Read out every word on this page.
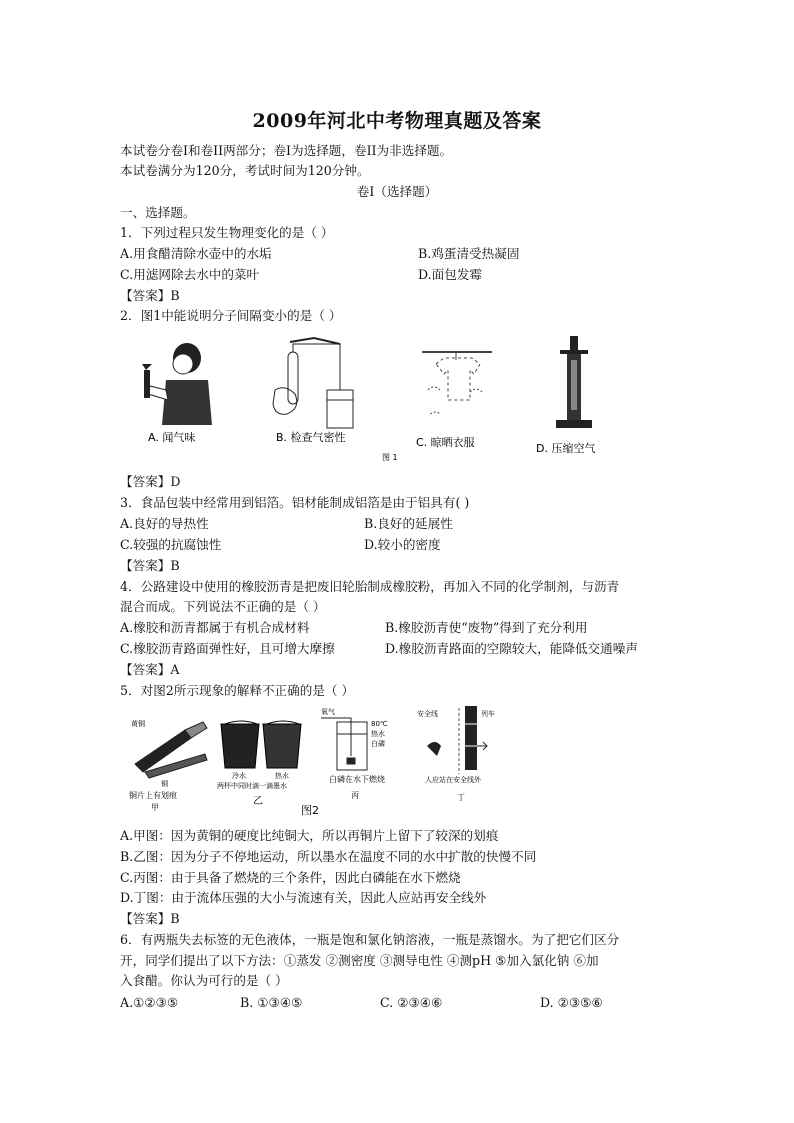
2009年河北中考物理真题及答案
本试卷分卷Ⅰ和卷II两部分；卷Ⅰ为选择题，卷II为非选择题。
本试卷满分为120分，考试时间为120分钟。
卷Ⅰ（选择题）
一、选择题。
1．下列过程只发生物理变化的是（ ）
A.用食醋清除水壶中的水垢	B.鸡蛋清受热凝固
C.用滤网除去水中的菜叶	D.面包发霉
【答案】B
2．图1中能说明分子间隔变小的是（ ）
A. 闻气味	B. 检查气密性	C. 晾晒衣服	D. 压缩空气
图 1
【答案】D
3．食品包装中经常用到铝箔。铝材能制成铝箔是由于铝具有( )
A.良好的导热性	B.良好的延展性
C.较强的抗腐蚀性	D.较小的密度
【答案】B
4．公路建设中使用的橡胶沥青是把废旧轮胎制成橡胶粉，再加入不同的化学制剂，与沥青
混合而成。下列说法不正确的是（ ）
A.橡胶和沥青都属于有机合成材料	B.橡胶沥青使“废物”得到了充分利用
C.橡胶沥青路面弹性好，且可增大摩擦	D.橡胶沥青路面的空隙较大，能降低交通噪声
【答案】A
5．对图2所示现象的解释不正确的是（ ）
黄铜
铜
铜片上有划痕
甲
冷水	热水
两杯中同时滴一滴墨水
乙
氧气
80℃
热水
白磷
白磷在水下燃烧
丙
安全线	列车
人应站在安全线外
丁
图2
A.甲图：因为黄铜的硬度比纯铜大，所以再铜片上留下了较深的划痕
B.乙图：因为分子不停地运动，所以墨水在温度不同的水中扩散的快慢不同
C.丙图：由于具备了燃烧的三个条件，因此白磷能在水下燃烧
D.丁图：由于流体压强的大小与流速有关，因此人应站再安全线外
【答案】B
6．有两瓶失去标签的无色液体，一瓶是饱和氯化钠溶液，一瓶是蒸馏水。为了把它们区分
开，同学们提出了以下方法：①蒸发 ②测密度 ③测导电性 ④测pH ⑤加入氯化钠 ⑥加
入食醋。你认为可行的是（ ）
A.①②③⑤	B. ①③④⑤	C. ②③④⑥	D. ②③⑤⑥
